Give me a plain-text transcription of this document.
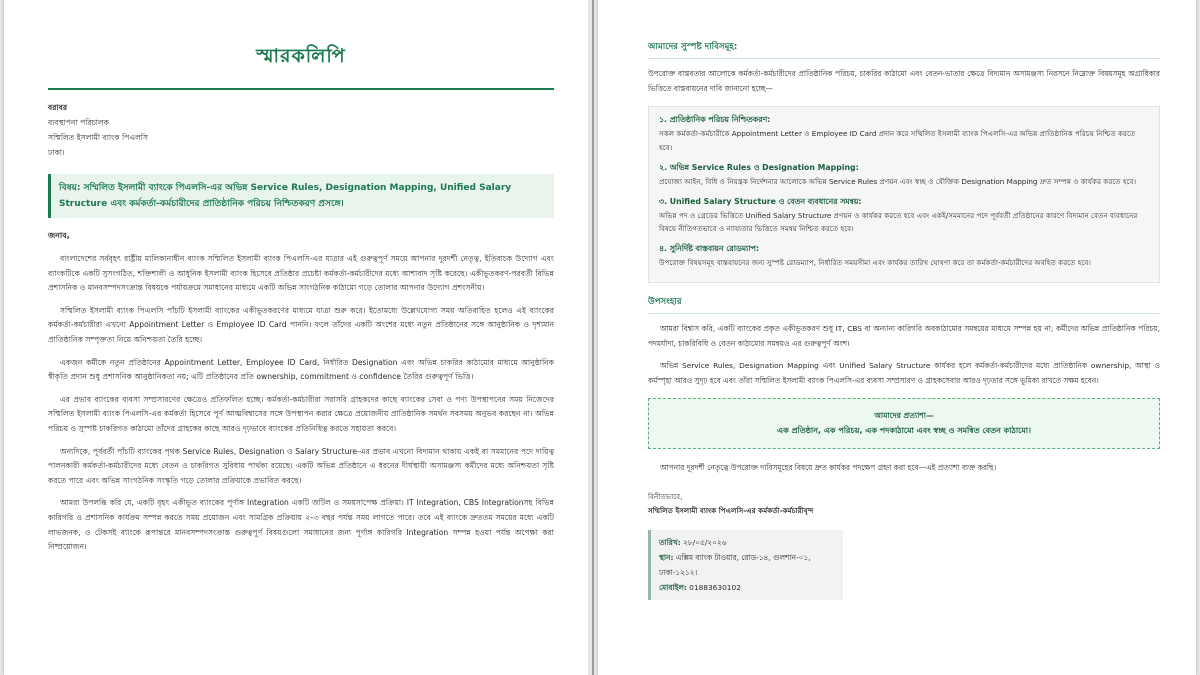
স্মারকলিপি
বরাবর
ব্যবস্থাপনা পরিচালক
সম্মিলিত ইসলামী ব্যাংক পিএলসি
ঢাকা।
বিষয়: সম্মিলিত ইসলামী ব্যাংকে পিএলসি-এর অভিন্ন Service Rules, Designation Mapping, Unified Salary Structure এবং কর্মকর্তা-কর্মচারীদের প্রাতিষ্ঠানিক পরিচয় নিশ্চিতকরণ প্রসঙ্গে।
জনাব,

বাংলাদেশের সর্ববৃহৎ রাষ্ট্রীয় মালিকানাধীন ব্যাংক সম্মিলিত ইসলামী ব্যাংক পিএলসি-এর যাত্রার এই গুরুত্বপূর্ণ সময়ে আপনার দূরদর্শী নেতৃত্ব, ইতিবাচক উদ্যোগ এবং ব্যাংকটিকে একটি সুসংগঠিত, শক্তিশালী ও আধুনিক ইসলামী ব্যাংক হিসেবে প্রতিষ্ঠার প্রচেষ্টা কর্মকর্তা-কর্মচারীদের মধ্যে আশাবাদ সৃষ্টি করেছে। একীভূতকরণ-পরবর্তী বিভিন্ন প্রশাসনিক ও মানবসম্পদসংক্রান্ত বিষয়কে পর্যায়ক্রমে সমাধানের মাধ্যমে একটি অভিন্ন সাংগঠনিক কাঠামো গড়ে তোলার আপনার উদ্যোগ প্রশংসনীয়।

সম্মিলিত ইসলামী ব্যাংক পিএলসি পাঁচটি ইসলামী ব্যাংকের একীভূতকরণের মাধ্যমে যাত্রা শুরু করে। ইতোমধ্যে উল্লেখযোগ্য সময় অতিবাহিত হলেও এই ব্যাংকের কর্মকর্তা-কর্মচারীরা এখনো Appointment Letter ও Employee ID Card পাননি। ফলে তাঁদের একটি অংশের মধ্যে নতুন প্রতিষ্ঠানের সঙ্গে আনুষ্ঠানিক ও দৃশ্যমান প্রাতিষ্ঠানিক সম্পৃক্ততা নিয়ে অনিশ্চয়তা তৈরি হচ্ছে।

একজন কর্মীকে নতুন প্রতিষ্ঠানের Appointment Letter, Employee ID Card, নির্ধারিত Designation এবং অভিন্ন চাকরির কাঠামোর মাধ্যমে আনুষ্ঠানিক স্বীকৃতি প্রদান শুধু প্রশাসনিক আনুষ্ঠানিকতা নয়; এটি প্রতিষ্ঠানের প্রতি ownership, commitment ও confidence তৈরির গুরুত্বপূর্ণ ভিত্তি।

এর প্রভাব ব্যাংকের ব্যবসা সম্প্রসারণের ক্ষেত্রেও প্রতিফলিত হচ্ছে। কর্মকর্তা-কর্মচারীরা সরাসরি গ্রাহকদের কাছে ব্যাংকের সেবা ও পণ্য উপস্থাপনের সময় নিজেদের সম্মিলিত ইসলামী ব্যাংক পিএলসি-এর কর্মকর্তা হিসেবে পূর্ণ আত্মবিশ্বাসের সঙ্গে উপস্থাপন করার ক্ষেত্রে প্রয়োজনীয় প্রাতিষ্ঠানিক সমর্থন সবসময় অনুভব করছেন না। অভিন্ন পরিচয় ও সুস্পষ্ট চাকরিগত কাঠামো তাঁদের গ্রাহকের কাছে আরও দৃঢ়ভাবে ব্যাংকের প্রতিনিধিত্ব করতে সহায়তা করবে।

অন্যদিকে, পূর্ববর্তী পাঁচটি ব্যাংকের পৃথক Service Rules, Designation ও Salary Structure-এর প্রভাব এখনো বিদ্যমান থাকায় একই বা সমমানের পদে দায়িত্ব পালনকারী কর্মকর্তা-কর্মচারীদের মধ্যে বেতন ও চাকরিগত সুবিধায় পার্থক্য রয়েছে। একটি অভিন্ন প্রতিষ্ঠানে এ ধরনের দীর্ঘস্থায়ী অসামঞ্জস্য কর্মীদের মধ্যে অনিশ্চয়তা সৃষ্টি করতে পারে এবং অভিন্ন সাংগঠনিক সংস্কৃতি গড়ে তোলার প্রক্রিয়াকে প্রভাবিত করছে।

আমরা উপলব্ধি করি যে, একটি বৃহৎ একীভূত ব্যাংকের পূর্ণাঙ্গ Integration একটি জটিল ও সময়সাপেক্ষ প্রক্রিয়া। IT Integration, CBS Integrationসহ বিভিন্ন কারিগরি ও প্রশাসনিক কার্যক্রম সম্পন্ন করতে সময় প্রয়োজন এবং সামগ্রিক প্রক্রিয়ায় ২–৩ বছর পর্যন্ত সময় লাগতে পারে। তবে এই ব্যাংকে দ্রুততম সময়ের মধ্যে একটি লাভজনক, ও টেকসই ব্যাংকে রূপান্তরে মানবসম্পদসংক্রান্ত গুরুত্বপূর্ণ বিষয়গুলো সমাধানের জন্য পূর্ণাঙ্গ কারিগরি Integration সম্পন্ন হওয়া পর্যন্ত অপেক্ষা করা নিষ্প্রয়োজন।

আমাদের সুস্পষ্ট দাবিসমূহ:
উপরোক্ত বাস্তবতার আলোকে কর্মকর্তা-কর্মচারীদের প্রাতিষ্ঠানিক পরিচয়, চাকরির কাঠামো এবং বেতন-ভাতার ক্ষেত্রে বিদ্যমান অসামঞ্জস্য নিরসনে নিম্নোক্ত বিষয়সমূহ অগ্রাধিকার ভিত্তিতে বাস্তবায়নের দাবি জানানো হচ্ছে—
১. প্রাতিষ্ঠানিক পরিচয় নিশ্চিতকরণ:
সকল কর্মকর্তা-কর্মচারীকে Appointment Letter ও Employee ID Card প্রদান করে সম্মিলিত ইসলামী ব্যাংক পিএলসি-এর অভিন্ন প্রাতিষ্ঠানিক পরিচয় নিশ্চিত করতে হবে।
২. অভিন্ন Service Rules ও Designation Mapping:
প্রযোজ্য আইন, বিধি ও নিয়ন্ত্রক নির্দেশনার আলোকে অভিন্ন Service Rules প্রণয়ন এবং স্বচ্ছ ও যৌক্তিক Designation Mapping দ্রুত সম্পন্ন ও কার্যকর করতে হবে।
৩. Unified Salary Structure ও বেতন ব্যবধানের সমন্বয়:
অভিন্ন পদ ও গ্রেডের ভিত্তিতে Unified Salary Structure প্রণয়ন ও কার্যকর করতে হবে এবং একই/সমমানের পদে পূর্ববর্তী প্রতিষ্ঠানের কারণে বিদ্যমান বেতন ব্যবধানের বিষয়ে নীতিগতভাবে ও ন্যায্যতার ভিত্তিতে সমন্বয় নিশ্চিত করতে হবে।
৪. সুনির্দিষ্ট বাস্তবায়ন রোডম্যাপ:
উপরোক্ত বিষয়সমূহ বাস্তবায়নের জন্য সুস্পষ্ট রোডম্যাপ, নির্ধারিত সময়সীমা এবং কার্যকর তারিখ ঘোষণা করে তা কর্মকর্তা-কর্মচারীদের অবহিত করতে হবে।
উপসংহার

আমরা বিশ্বাস করি, একটি ব্যাংকের প্রকৃত একীভূতকরণ শুধু IT, CBS বা অন্যান্য কারিগরি অবকাঠামোর সমন্বয়ের মাধ্যমে সম্পন্ন হয় না; কর্মীদের অভিন্ন প্রাতিষ্ঠানিক পরিচয়, পদমর্যাদা, চাকরিবিধি ও বেতন কাঠামোর সমন্বয়ও এর গুরুত্বপূর্ণ অংশ।

অভিন্ন Service Rules, Designation Mapping এবং Unified Salary Structure কার্যকর হলে কর্মকর্তা-কর্মচারীদের মধ্যে প্রাতিষ্ঠানিক ownership, আস্থা ও কর্মস্পৃহা আরও সুদৃঢ় হবে এবং তাঁরা সম্মিলিত ইসলামী ব্যাংক পিএলসি-এর ব্যবসা সম্প্রসারণ ও গ্রাহকসেবার আরও দৃঢ়তার সঙ্গে ভূমিকা রাখতে সক্ষম হবেন।

আমাদের প্রত্যাশা—
এক প্রতিষ্ঠান, এক পরিচয়, এক পদকাঠামো এবং স্বচ্ছ ও সমন্বিত বেতন কাঠামো।

আপনার দূরদর্শী নেতৃত্বে উপরোক্ত দাবিসমূহের বিষয়ে দ্রুত কার্যকর পদক্ষেপ গ্রহণ করা হবে—এই প্রত্যাশা ব্যক্ত করছি।

বিনীতভাবে,
সম্মিলিত ইসলামী ব্যাংক পিএলসি-এর কর্মকর্তা-কর্মচারীবৃন্দ
তারিখ: ২৮/০৫/২০২৬
স্থান: এক্সিম ব্যাংক টাওয়ার, রোড-১৪, গুলশান-০১, ঢাকা-১২১২।
মোবাইল: 01883630102
